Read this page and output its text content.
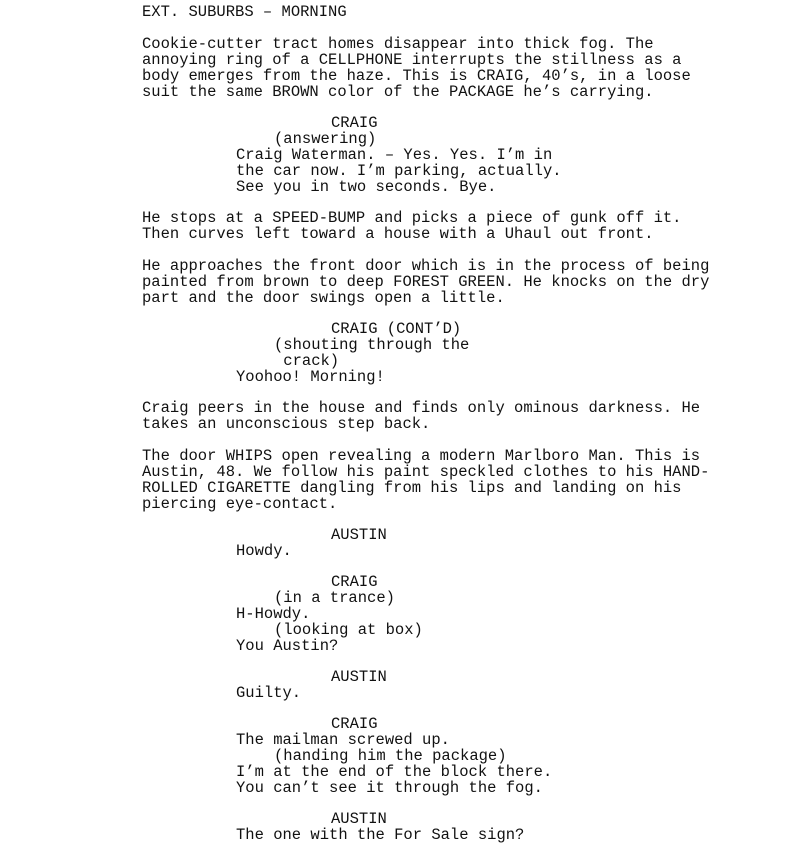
EXT. SUBURBS – MORNING
Cookie-cutter tract homes disappear into thick fog. The
annoying ring of a CELLPHONE interrupts the stillness as a
body emerges from the haze. This is CRAIG, 40’s, in a loose
suit the same BROWN color of the PACKAGE he’s carrying.
CRAIG
(answering)
Craig Waterman. – Yes. Yes. I’m in
the car now. I’m parking, actually.
See you in two seconds. Bye.
He stops at a SPEED-BUMP and picks a piece of gunk off it.
Then curves left toward a house with a Uhaul out front.
He approaches the front door which is in the process of being
painted from brown to deep FOREST GREEN. He knocks on the dry
part and the door swings open a little.
CRAIG (CONT’D)
(shouting through the
crack)
Yoohoo! Morning!
Craig peers in the house and finds only ominous darkness. He
takes an unconscious step back.
The door WHIPS open revealing a modern Marlboro Man. This is
Austin, 48. We follow his paint speckled clothes to his HAND-
ROLLED CIGARETTE dangling from his lips and landing on his
piercing eye-contact.
AUSTIN
Howdy.
CRAIG
(in a trance)
H-Howdy.
(looking at box)
You Austin?
AUSTIN
Guilty.
CRAIG
The mailman screwed up.
(handing him the package)
I’m at the end of the block there.
You can’t see it through the fog.
AUSTIN
The one with the For Sale sign?
